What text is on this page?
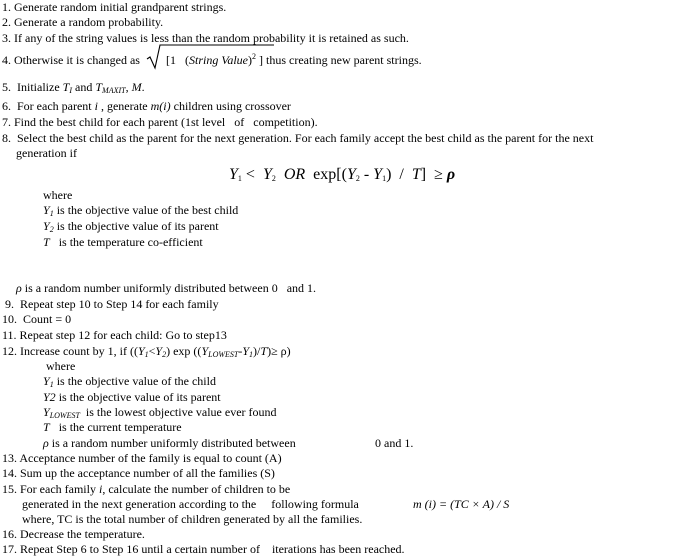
1. Generate random initial grandparent strings.
2. Generate a random probability.
3. If any of the string values is less than the random probability it is retained as such.
4. Otherwise it is changed as [1   (String Value)$^2$ ] thus creating new parent strings.
5.  Initialize $T_I$ and $T_{MAXIT}$, M.
6.  For each parent i , generate m(i) children using crossover
7. Find the best child for each parent (1st level   of   competition).
8.  Select the best child as the parent for the next generation. For each family accept the best child as the parent for the next
generation if
$Y_1 < Y_2$  OR  $\exp[(Y_2 - Y_1) / T] \ge \rho$
where
$Y_1$ is the objective value of the best child
$Y_2$ is the objective value of its parent
T   is the temperature co-efficient
ρ is a random number uniformly distributed between 0   and 1.
9.  Repeat step 10 to Step 14 for each family
10.  Count = 0
11. Repeat step 12 for each child: Go to step13
12. Increase count by 1, if ($(Y_1<Y_2)$ $\exp ((Y_{LOWEST}-Y_1)/T)\ge \rho$)
where
$Y_1$ is the objective value of the child
Y2 is the objective value of its parent
$Y_{LOWEST}$  is the lowest objective value ever found
T   is the current temperature
ρ is a random number uniformly distributed between	0 and 1.
13. Acceptance number of the family is equal to count (A)
14. Sum up the acceptance number of all the families (S)
15. For each family i, calculate the number of children to be
generated in the next generation according to the     following formula	m (i) = (TC × A) / S
where, TC is the total number of children generated by all the families.
16. Decrease the temperature.
17. Repeat Step 6 to Step 16 until a certain number of    iterations has been reached.
